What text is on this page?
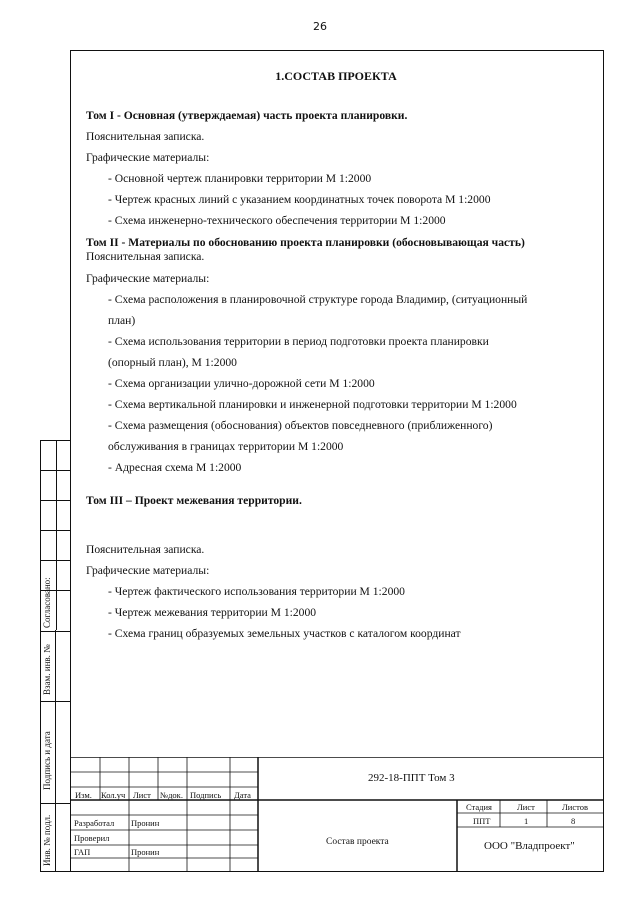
26
1.СОСТАВ ПРОЕКТА
Том I - Основная (утверждаемая) часть проекта планировки.
Пояснительная записка.
Графические материалы:
- Основной чертеж планировки территории М 1:2000
- Чертеж красных линий с указанием координатных точек поворота М 1:2000
- Схема инженерно-технического обеспечения территории М 1:2000
Том II - Материалы по обоснованию проекта планировки (обосновывающая часть)
Пояснительная записка.
Графические материалы:
- Схема расположения в планировочной структуре города Владимир, (ситуационный
план)
- Схема использования территории в период подготовки проекта планировки
(опорный план), М 1:2000
- Схема организации улично-дорожной сети М 1:2000
- Схема вертикальной планировки и инженерной подготовки территории М 1:2000
- Схема размещения (обоснования) объектов повседневного (приближенного)
обслуживания в границах территории М 1:2000
- Адресная схема М 1:2000
Том III – Проект межевания территории.
Пояснительная записка.
Графические материалы:
- Чертеж фактического использования территории М 1:2000
- Чертеж межевания территории М 1:2000
- Схема границ образуемых земельных участков с каталогом координат
Согласовано:
Взам. инв. №
Подпись и дата
Инв. № подл.
292-18-ППТ Том 3
Изм. Кол.уч Лист №док. Подпись Дата
Разработал Пронин
Проверил
ГАП	Пронин
Состав проекта
Стадия	Лист	Листов
ППТ	1	8
ООО "Владпроект"
